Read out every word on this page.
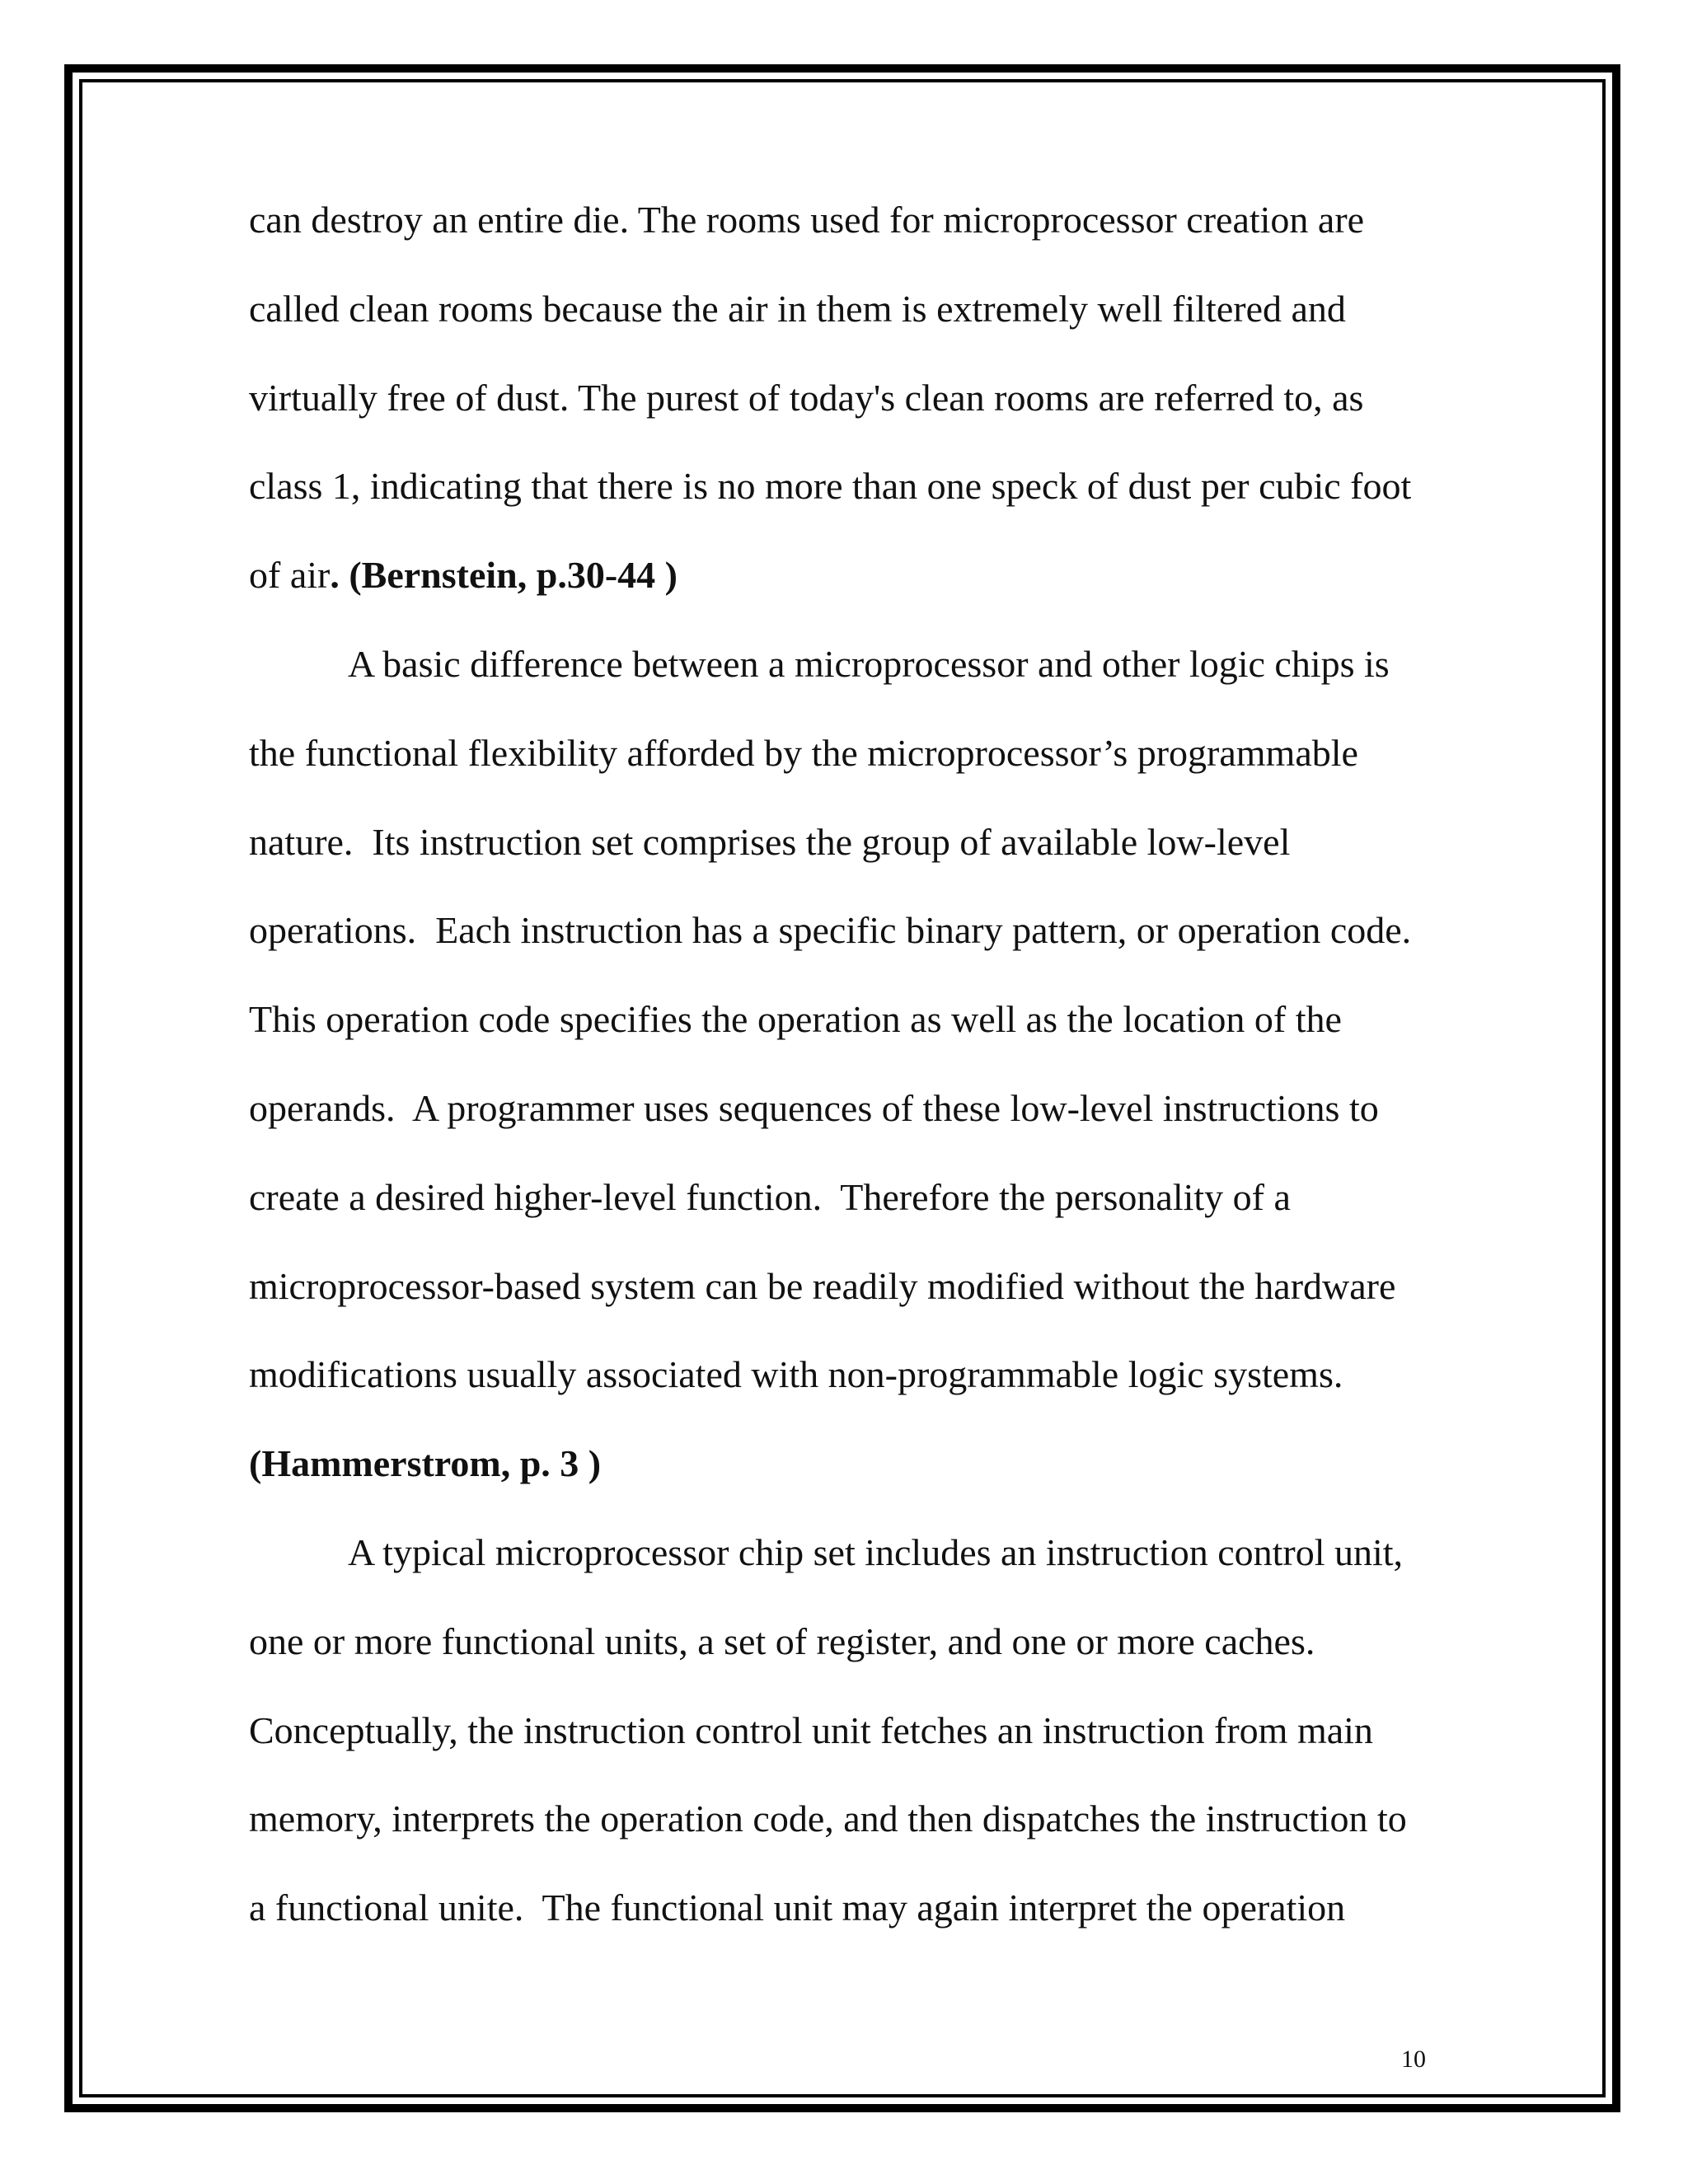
can destroy an entire die. The rooms used for microprocessor creation are
called clean rooms because the air in them is extremely well filtered and
virtually free of dust. The purest of today's clean rooms are referred to, as
class 1, indicating that there is no more than one speck of dust per cubic foot
of air. (Bernstein, p.30-44 )
A basic difference between a microprocessor and other logic chips is
the functional flexibility afforded by the microprocessor’s programmable
nature.  Its instruction set comprises the group of available low-level
operations.  Each instruction has a specific binary pattern, or operation code.
This operation code specifies the operation as well as the location of the
operands.  A programmer uses sequences of these low-level instructions to
create a desired higher-level function.  Therefore the personality of a
microprocessor-based system can be readily modified without the hardware
modifications usually associated with non-programmable logic systems.
(Hammerstrom, p. 3 )
A typical microprocessor chip set includes an instruction control unit,
one or more functional units, a set of register, and one or more caches.
Conceptually, the instruction control unit fetches an instruction from main
memory, interprets the operation code, and then dispatches the instruction to
a functional unite.  The functional unit may again interpret the operation
10
